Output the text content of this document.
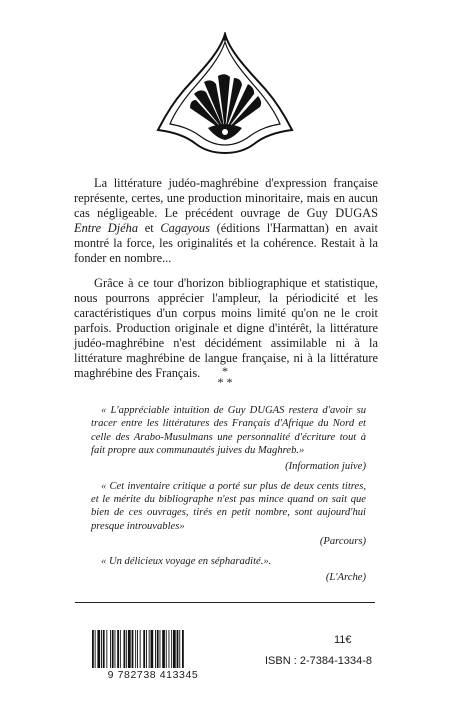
La littérature judéo-maghrébine d'expression française représente, certes, une production minoritaire, mais en aucun cas négligeable. Le précédent ouvrage de Guy DUGAS Entre Djéha et Cagayous (éditions l'Harmattan) en avait montré la force, les originalités et la cohérence. Restait à la fonder en nombre...

Grâce à ce tour d'horizon bibliographique et statistique, nous pourrons apprécier l'ampleur, la périodicité et les caractéristiques d'un corpus moins limité qu'on ne le croit parfois. Production originale et digne d'intérêt, la littérature judéo-maghrébine n'est décidément assimilable ni à la littérature maghrébine de langue française, ni à la littérature maghrébine des Français.	*
* *

« L'appréciable intuition de Guy DUGAS restera d'avoir su tracer entre les littératures des Français d'Afrique du Nord et celle des Arabo-Musulmans une personnalité d'écriture tout à fait propre aux communautés juives du Maghreb.»

(Information juive)

« Cet inventaire critique a porté sur plus de deux cents titres, et le mérite du bibliographe n'est pas mince quand on sait que bien de ces ouvrages, tirés en petit nombre, sont aujourd'hui presque introuvables»

(Parcours)

« Un délicieux voyage en sépharadité.».

(L'Arche)

9 782738 413345
11€
ISBN : 2-7384-1334-8
